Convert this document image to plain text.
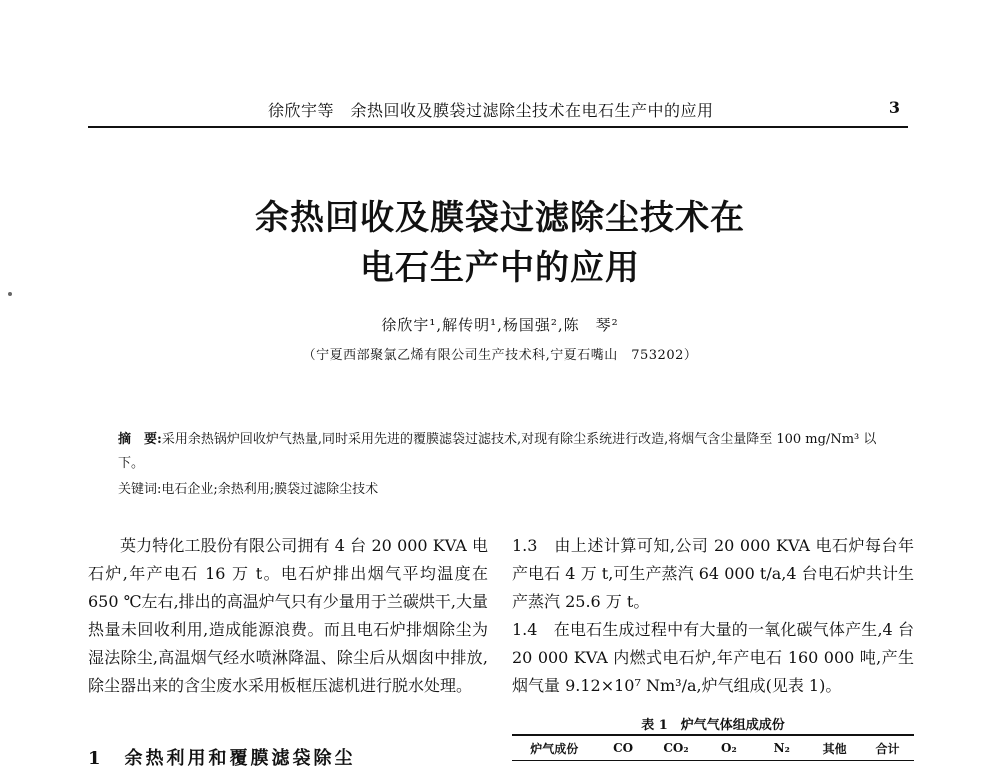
徐欣宇等　余热回收及膜袋过滤除尘技术在电石生产中的应用	3
余热回收及膜袋过滤除尘技术在
电石生产中的应用
徐欣宇¹,解传明¹,杨国强²,陈　琴²
（宁夏西部聚氯乙烯有限公司生产技术科,宁夏石嘴山　753202）
摘　要:采用余热锅炉回收炉气热量,同时采用先进的覆膜滤袋过滤技术,对现有除尘系统进行改造,将烟气含尘量降至 100 mg/Nm³ 以下。
关键词:电石企业;余热利用;膜袋过滤除尘技术

英力特化工股份有限公司拥有 4 台 20 000 KVA 电石炉,年产电石 16 万 t。电石炉排出烟气平均温度在 650 ℃左右,排出的高温炉气只有少量用于兰碳烘干,大量热量未回收利用,造成能源浪费。而且电石炉排烟除尘为湿法除尘,高温烟气经水喷淋降温、除尘后从烟囱中排放,除尘器出来的含尘废水采用板框压滤机进行脱水处理。

1　余热利用和覆膜滤袋除尘

1.3　由上述计算可知,公司 20 000 KVA 电石炉每台年产电石 4 万 t,可生产蒸汽 64 000 t/a,4 台电石炉共计生产蒸汽 25.6 万 t。

1.4　在电石生成过程中有大量的一氧化碳气体产生,4 台 20 000 KVA 内燃式电石炉,年产电石 160 000 吨,产生烟气量 9.12×10⁷ Nm³/a,炉气组成(见表 1)。

表 1　炉气气体组成成份
炉气成份	CO	CO₂	O₂	N₂	其他	合计
